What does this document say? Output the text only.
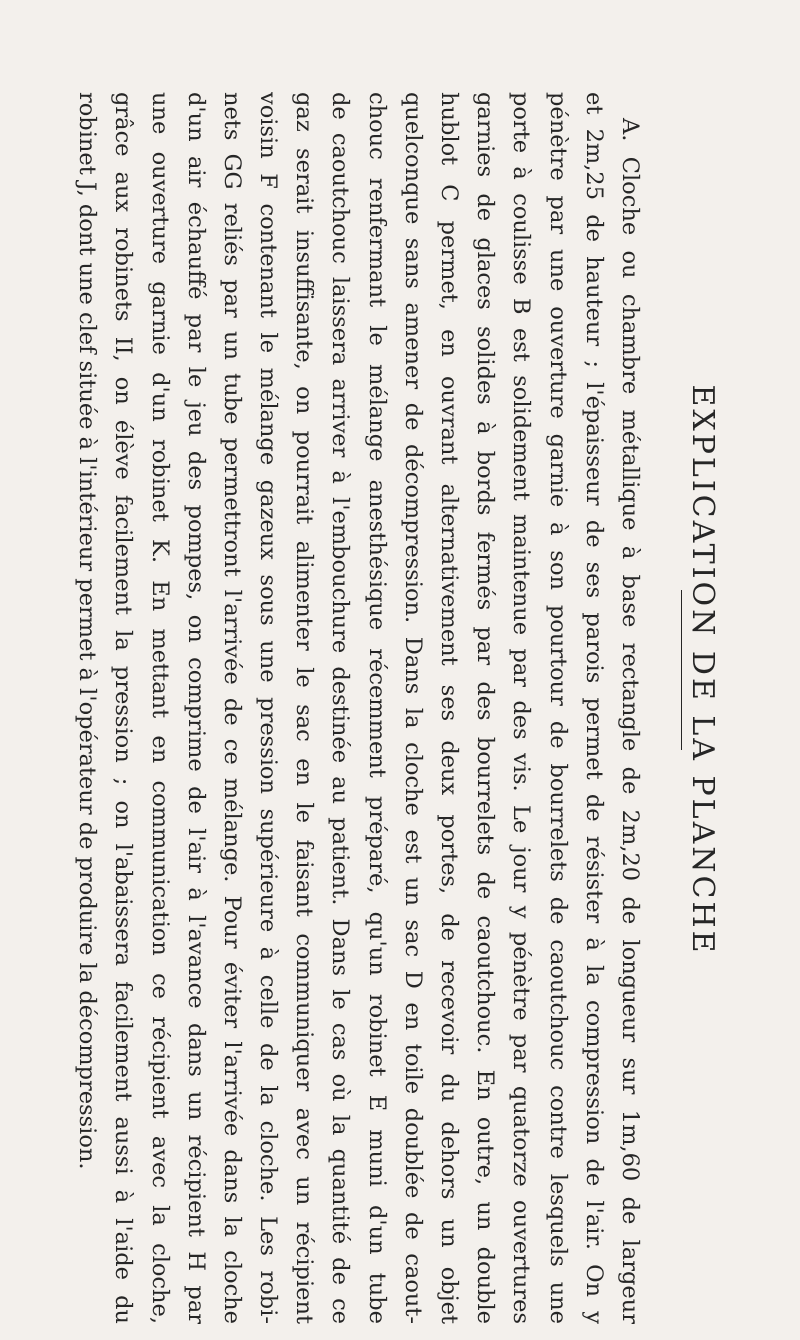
EXPLICATION DE LA PLANCHE
A. Cloche ou chambre métallique à base rectangle de 2m,20 de longueur sur 1m,60 de largeur
et 2m,25 de hauteur ; l'épaisseur de ses parois permet de résister à la compression de l'air. On y
pénètre par une ouverture garnie à son pourtour de bourrelets de caoutchouc contre lesquels une
porte à coulisse B est solidement maintenue par des vis. Le jour y pénètre par quatorze ouvertures
garnies de glaces solides à bords fermés par des bourrelets de caoutchouc. En outre, un double
hublot C permet, en ouvrant alternativement ses deux portes, de recevoir du dehors un objet
quelconque sans amener de décompression. Dans la cloche est un sac D en toile doublée de caout-
chouc renfermant le mélange anesthésique récemment préparé, qu'un robinet E muni d'un tube
de caoutchouc laissera arriver à l'embouchure destinée au patient. Dans le cas où la quantité de ce
gaz serait insuffisante, on pourrait alimenter le sac en le faisant communiquer avec un récipient
voisin F contenant le mélange gazeux sous une pression supérieure à celle de la cloche. Les robi-
nets GG reliés par un tube permettront l'arrivée de ce mélange. Pour éviter l'arrivée dans la cloche
d'un air échauffé par le jeu des pompes, on comprime de l'air à l'avance dans un récipient H par
une ouverture garnie d'un robinet K. En mettant en communication ce récipient avec la cloche,
grâce aux robinets II, on élève facilement la pression ; on l'abaissera facilement aussi à l'aide du
robinet J, dont une clef située à l'intérieur permet à l'opérateur de produire la décompression.
